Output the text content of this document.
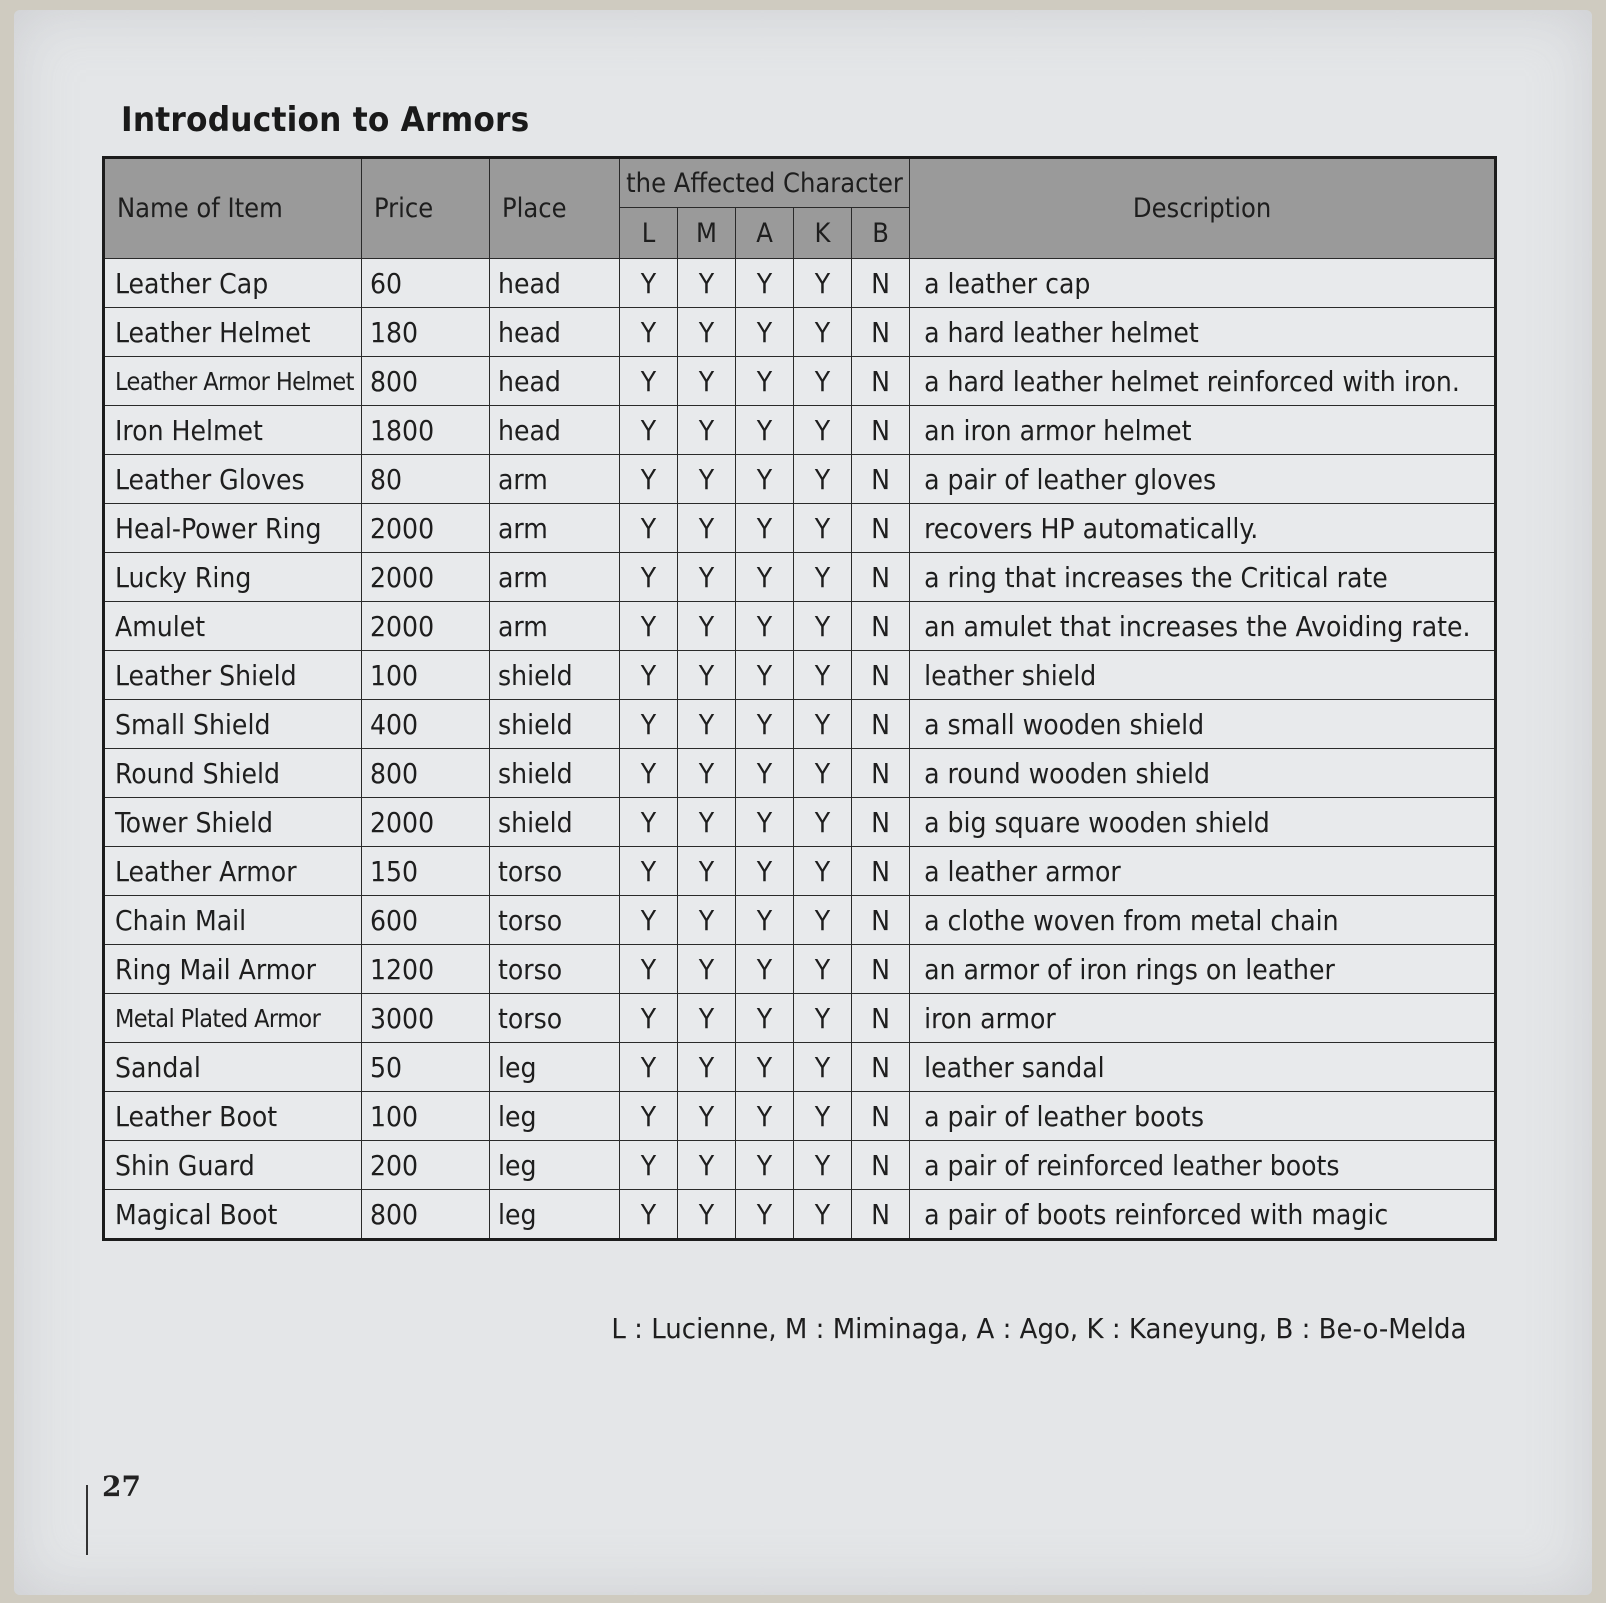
Introduction to Armors
Name of Item	Price	Place	the Affected Character					Description
			L	M	A	K	B	
Leather Cap	60	head	Y	Y	Y	Y	N	a leather cap
Leather Helmet	180	head	Y	Y	Y	Y	N	a hard leather helmet
Leather Armor Helmet	800	head	Y	Y	Y	Y	N	a hard leather helmet reinforced with iron.
Iron Helmet	1800	head	Y	Y	Y	Y	N	an iron armor helmet
Leather Gloves	80	arm	Y	Y	Y	Y	N	a pair of leather gloves
Heal-Power Ring	2000	arm	Y	Y	Y	Y	N	recovers HP automatically.
Lucky Ring	2000	arm	Y	Y	Y	Y	N	a ring that increases the Critical rate
Amulet	2000	arm	Y	Y	Y	Y	N	an amulet that increases the Avoiding rate.
Leather Shield	100	shield	Y	Y	Y	Y	N	leather shield
Small Shield	400	shield	Y	Y	Y	Y	N	a small wooden shield
Round Shield	800	shield	Y	Y	Y	Y	N	a round wooden shield
Tower Shield	2000	shield	Y	Y	Y	Y	N	a big square wooden shield
Leather Armor	150	torso	Y	Y	Y	Y	N	a leather armor
Chain Mail	600	torso	Y	Y	Y	Y	N	a clothe woven from metal chain
Ring Mail Armor	1200	torso	Y	Y	Y	Y	N	an armor of iron rings on leather
Metal Plated Armor	3000	torso	Y	Y	Y	Y	N	iron armor
Sandal	50	leg	Y	Y	Y	Y	N	leather sandal
Leather Boot	100	leg	Y	Y	Y	Y	N	a pair of leather boots
Shin Guard	200	leg	Y	Y	Y	Y	N	a pair of reinforced leather boots
Magical Boot	800	leg	Y	Y	Y	Y	N	a pair of boots reinforced with magic
L : Lucienne, M : Miminaga, A : Ago, K : Kaneyung, B : Be-o-Melda
27
